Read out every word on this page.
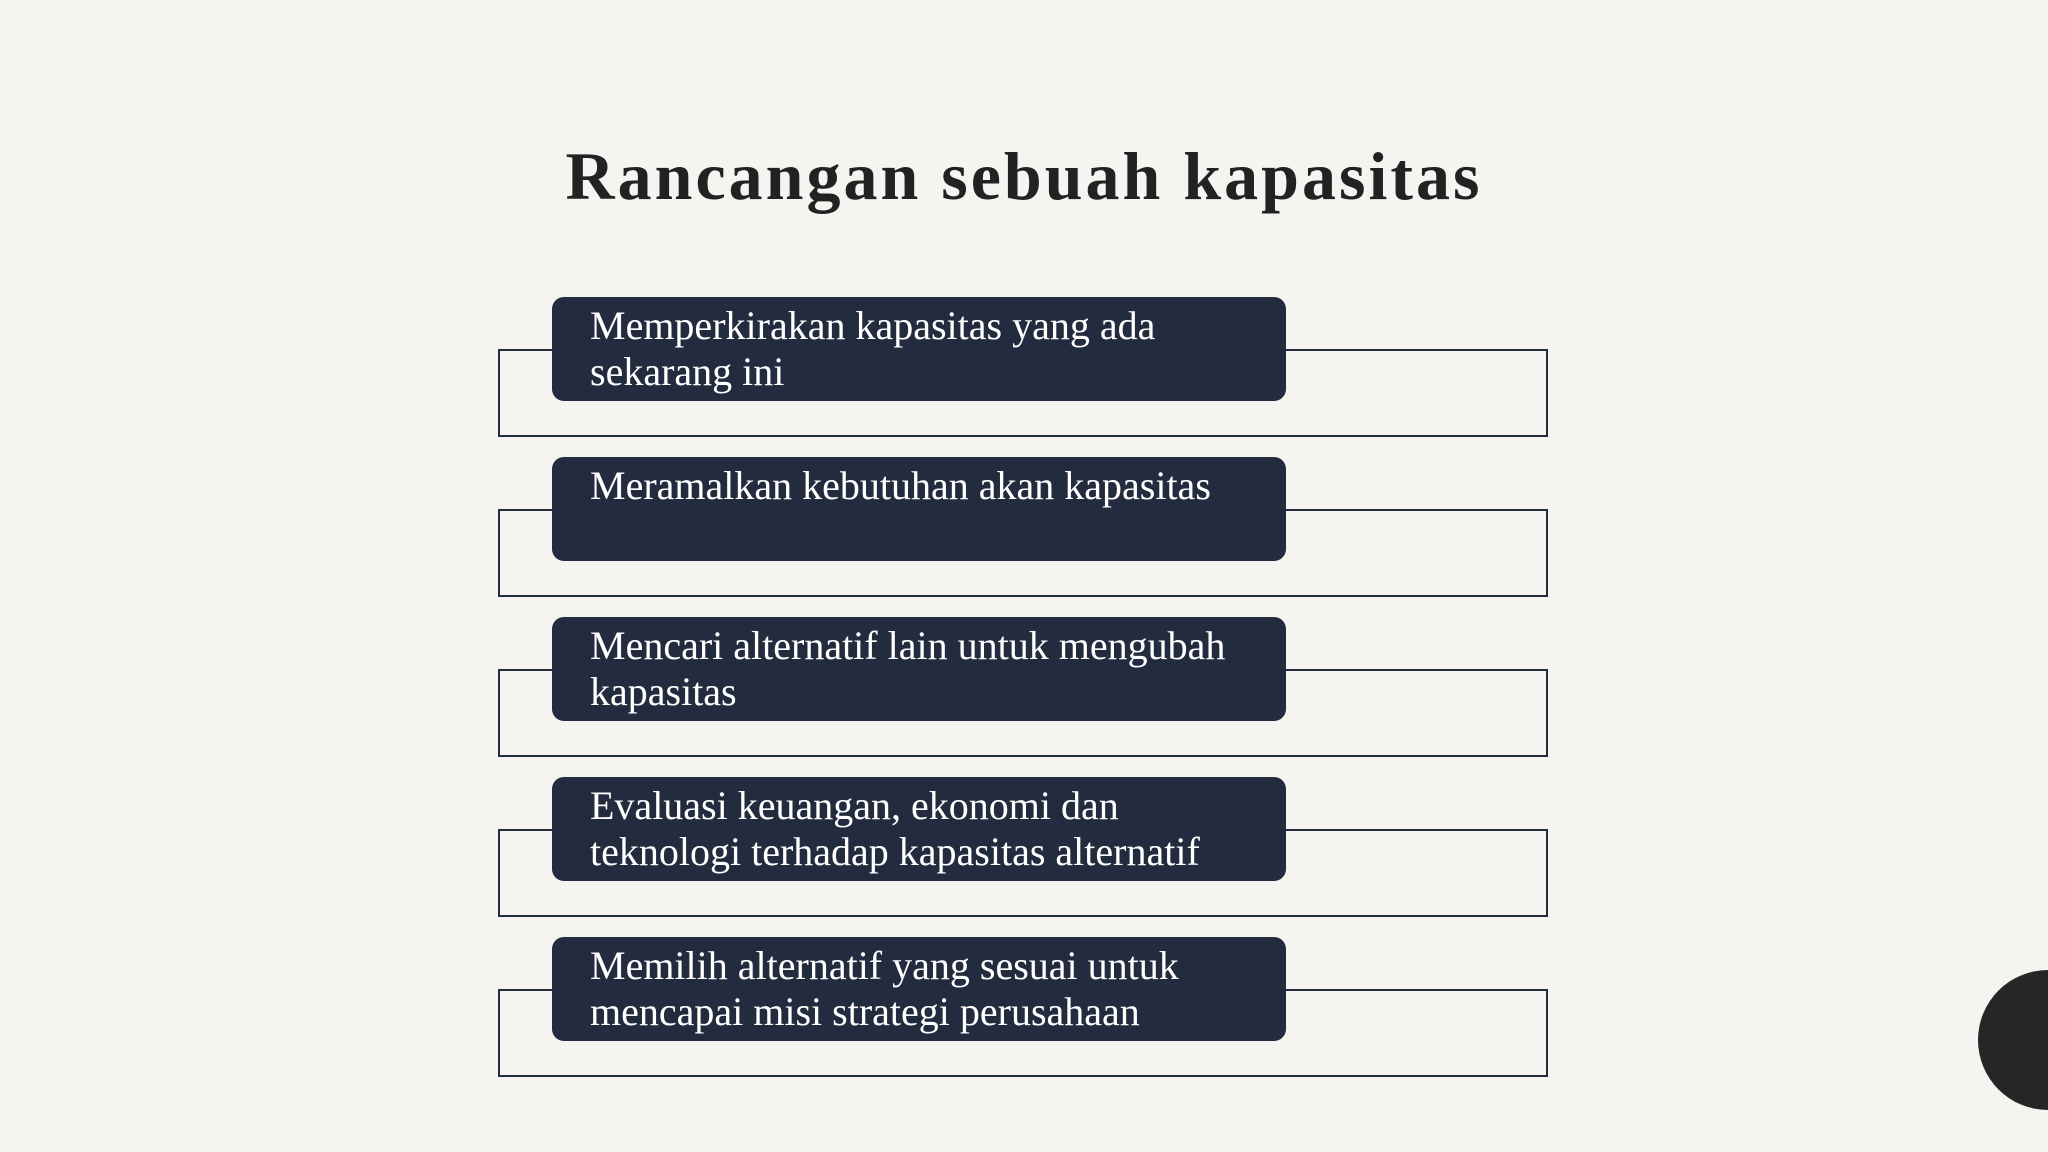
Rancangan sebuah kapasitas
Memperkirakan kapasitas yang ada sekarang ini
Meramalkan kebutuhan akan kapasitas
Mencari alternatif lain untuk mengubah kapasitas
Evaluasi keuangan, ekonomi dan teknologi terhadap kapasitas alternatif
Memilih alternatif yang sesuai untuk mencapai misi strategi perusahaan
